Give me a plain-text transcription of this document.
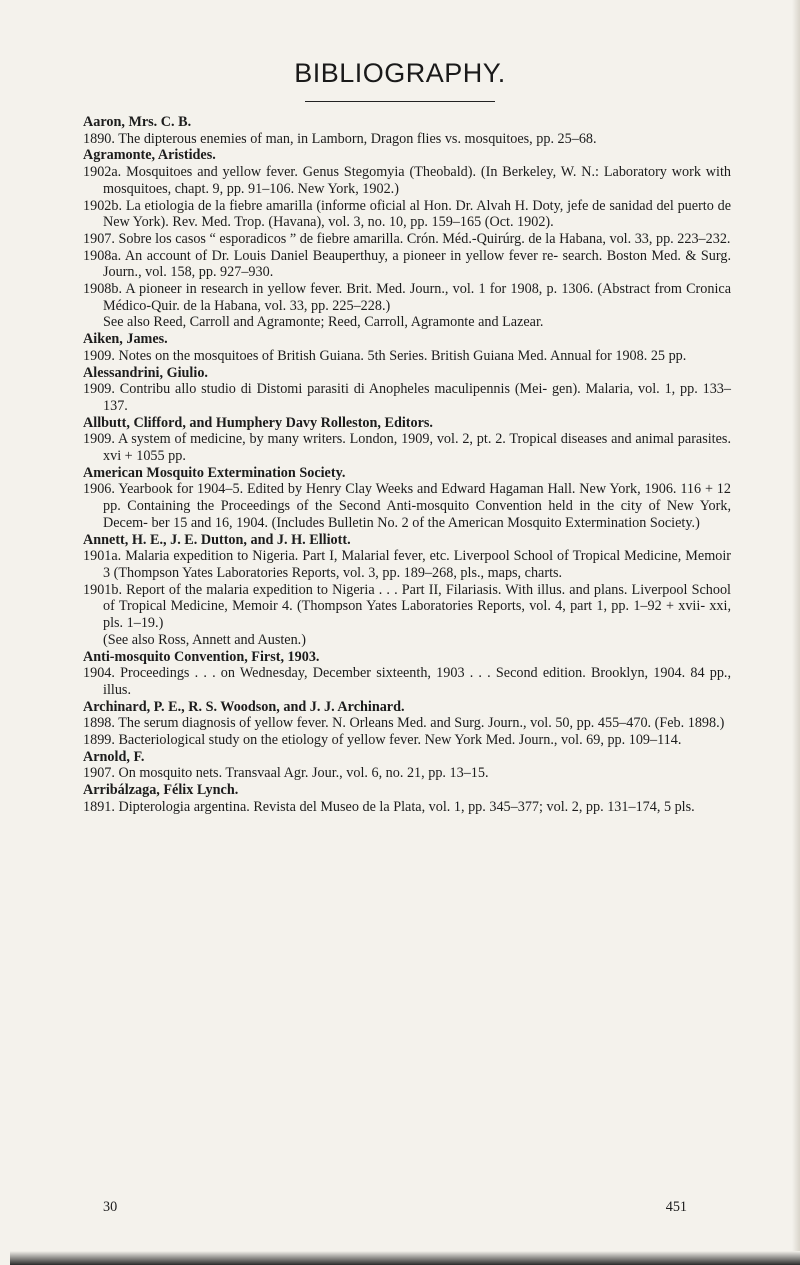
BIBLIOGRAPHY.
Aaron, Mrs. C. B.
1890. The dipterous enemies of man, in Lamborn, Dragon flies vs. mosquitoes, pp. 25–68.
Agramonte, Aristides.
1902a. Mosquitoes and yellow fever. Genus Stegomyia (Theobald). (In Berkeley, W. N.: Laboratory work with mosquitoes, chapt. 9, pp. 91–106. New York, 1902.)
1902b. La etiologia de la fiebre amarilla (informe oficial al Hon. Dr. Alvah H. Doty, jefe de sanidad del puerto de New York). Rev. Med. Trop. (Havana), vol. 3, no. 10, pp. 159–165 (Oct. 1902).
1907. Sobre los casos “ esporadicos ” de fiebre amarilla. Crón. Méd.-Quirúrg. de la Habana, vol. 33, pp. 223–232.
1908a. An account of Dr. Louis Daniel Beauperthuy, a pioneer in yellow fever re- search. Boston Med. & Surg. Journ., vol. 158, pp. 927–930.
1908b. A pioneer in research in yellow fever. Brit. Med. Journ., vol. 1 for 1908, p. 1306. (Abstract from Cronica Médico-Quir. de la Habana, vol. 33, pp. 225–228.)
See also Reed, Carroll and Agramonte; Reed, Carroll, Agramonte and Lazear.
Aiken, James.
1909. Notes on the mosquitoes of British Guiana. 5th Series. British Guiana Med. Annual for 1908. 25 pp.
Alessandrini, Giulio.
1909. Contribu allo studio di Distomi parasiti di Anopheles maculipennis (Mei- gen). Malaria, vol. 1, pp. 133–137.
Allbutt, Clifford, and Humphery Davy Rolleston, Editors.
1909. A system of medicine, by many writers. London, 1909, vol. 2, pt. 2. Tropical diseases and animal parasites. xvi + 1055 pp.
American Mosquito Extermination Society.
1906. Yearbook for 1904–5. Edited by Henry Clay Weeks and Edward Hagaman Hall. New York, 1906. 116 + 12 pp. Containing the Proceedings of the Second Anti-mosquito Convention held in the city of New York, Decem- ber 15 and 16, 1904. (Includes Bulletin No. 2 of the American Mosquito Extermination Society.)
Annett, H. E., J. E. Dutton, and J. H. Elliott.
1901a. Malaria expedition to Nigeria. Part I, Malarial fever, etc. Liverpool School of Tropical Medicine, Memoir 3 (Thompson Yates Laboratories Reports, vol. 3, pp. 189–268, pls., maps, charts.
1901b. Report of the malaria expedition to Nigeria . . . Part II, Filariasis. With illus. and plans. Liverpool School of Tropical Medicine, Memoir 4. (Thompson Yates Laboratories Reports, vol. 4, part 1, pp. 1–92 + xvii- xxi, pls. 1–19.)
(See also Ross, Annett and Austen.)
Anti-mosquito Convention, First, 1903.
1904. Proceedings . . . on Wednesday, December sixteenth, 1903 . . . Second edition. Brooklyn, 1904. 84 pp., illus.
Archinard, P. E., R. S. Woodson, and J. J. Archinard.
1898. The serum diagnosis of yellow fever. N. Orleans Med. and Surg. Journ., vol. 50, pp. 455–470. (Feb. 1898.)
1899. Bacteriological study on the etiology of yellow fever. New York Med. Journ., vol. 69, pp. 109–114.
Arnold, F.
1907. On mosquito nets. Transvaal Agr. Jour., vol. 6, no. 21, pp. 13–15.
Arribálzaga, Félix Lynch.
1891. Dipterologia argentina. Revista del Museo de la Plata, vol. 1, pp. 345–377; vol. 2, pp. 131–174, 5 pls.
30	451
